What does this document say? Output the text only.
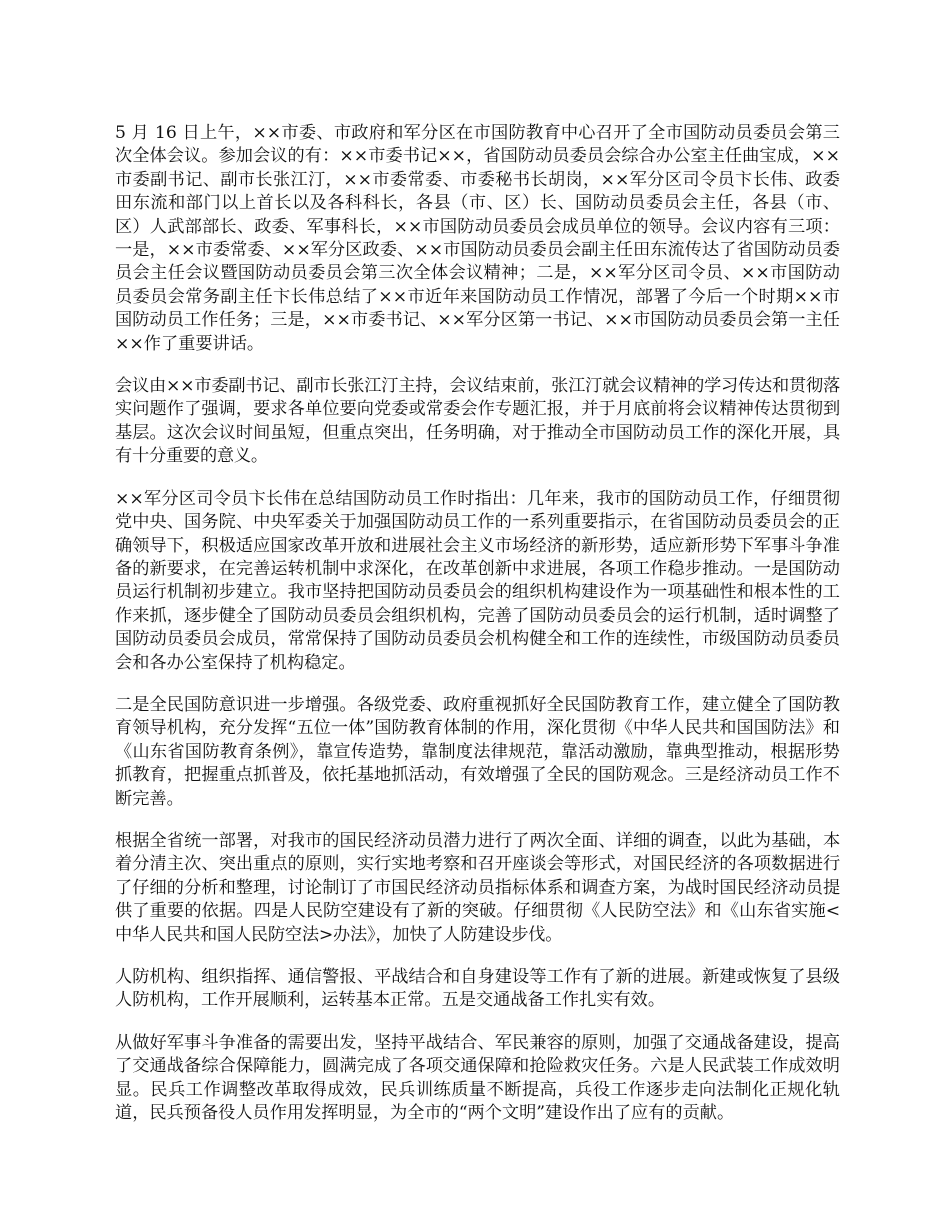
5 月 16 日上午，××市委、市政府和军分区在市国防教育中心召开了全市国防动员委员会第三次全体会议。参加会议的有：××市委书记××，省国防动员委员会综合办公室主任曲宝成，××市委副书记、副市长张江汀，××市委常委、市委秘书长胡岗，××军分区司令员卞长伟、政委田东流和部门以上首长以及各科科长，各县（市、区）长、国防动员委员会主任，各县（市、区）人武部部长、政委、军事科长，××市国防动员委员会成员单位的领导。会议内容有三项：一是，××市委常委、××军分区政委、××市国防动员委员会副主任田东流传达了省国防动员委员会主任会议暨国防动员委员会第三次全体会议精神；二是，××军分区司令员、××市国防动员委员会常务副主任卞长伟总结了××市近年来国防动员工作情况，部署了今后一个时期××市国防动员工作任务；三是，××市委书记、××军分区第一书记、××市国防动员委员会第一主任××作了重要讲话。

会议由××市委副书记、副市长张江汀主持，会议结束前，张江汀就会议精神的学习传达和贯彻落实问题作了强调，要求各单位要向党委或常委会作专题汇报，并于月底前将会议精神传达贯彻到基层。这次会议时间虽短，但重点突出，任务明确，对于推动全市国防动员工作的深化开展，具有十分重要的意义。

××军分区司令员卞长伟在总结国防动员工作时指出：几年来，我市的国防动员工作，仔细贯彻党中央、国务院、中央军委关于加强国防动员工作的一系列重要指示，在省国防动员委员会的正确领导下，积极适应国家改革开放和进展社会主义市场经济的新形势，适应新形势下军事斗争准备的新要求，在完善运转机制中求深化，在改革创新中求进展，各项工作稳步推动。一是国防动员运行机制初步建立。我市坚持把国防动员委员会的组织机构建设作为一项基础性和根本性的工作来抓，逐步健全了国防动员委员会组织机构，完善了国防动员委员会的运行机制，适时调整了国防动员委员会成员，常常保持了国防动员委员会机构健全和工作的连续性，市级国防动员委员会和各办公室保持了机构稳定。

二是全民国防意识进一步增强。各级党委、政府重视抓好全民国防教育工作，建立健全了国防教育领导机构，充分发挥“五位一体”国防教育体制的作用，深化贯彻《中华人民共和国国防法》和《山东省国防教育条例》，靠宣传造势，靠制度法律规范，靠活动激励，靠典型推动，根据形势抓教育，把握重点抓普及，依托基地抓活动，有效增强了全民的国防观念。三是经济动员工作不断完善。

根据全省统一部署，对我市的国民经济动员潜力进行了两次全面、详细的调查，以此为基础，本着分清主次、突出重点的原则，实行实地考察和召开座谈会等形式，对国民经济的各项数据进行了仔细的分析和整理，讨论制订了市国民经济动员指标体系和调查方案，为战时国民经济动员提供了重要的依据。四是人民防空建设有了新的突破。仔细贯彻《人民防空法》和《山东省实施<中华人民共和国人民防空法>办法》，加快了人防建设步伐。

人防机构、组织指挥、通信警报、平战结合和自身建设等工作有了新的进展。新建或恢复了县级人防机构，工作开展顺利，运转基本正常。五是交通战备工作扎实有效。

从做好军事斗争准备的需要出发，坚持平战结合、军民兼容的原则，加强了交通战备建设，提高了交通战备综合保障能力，圆满完成了各项交通保障和抢险救灾任务。六是人民武装工作成效明显。民兵工作调整改革取得成效，民兵训练质量不断提高，兵役工作逐步走向法制化正规化轨道，民兵预备役人员作用发挥明显，为全市的“两个文明”建设作出了应有的贡献。
